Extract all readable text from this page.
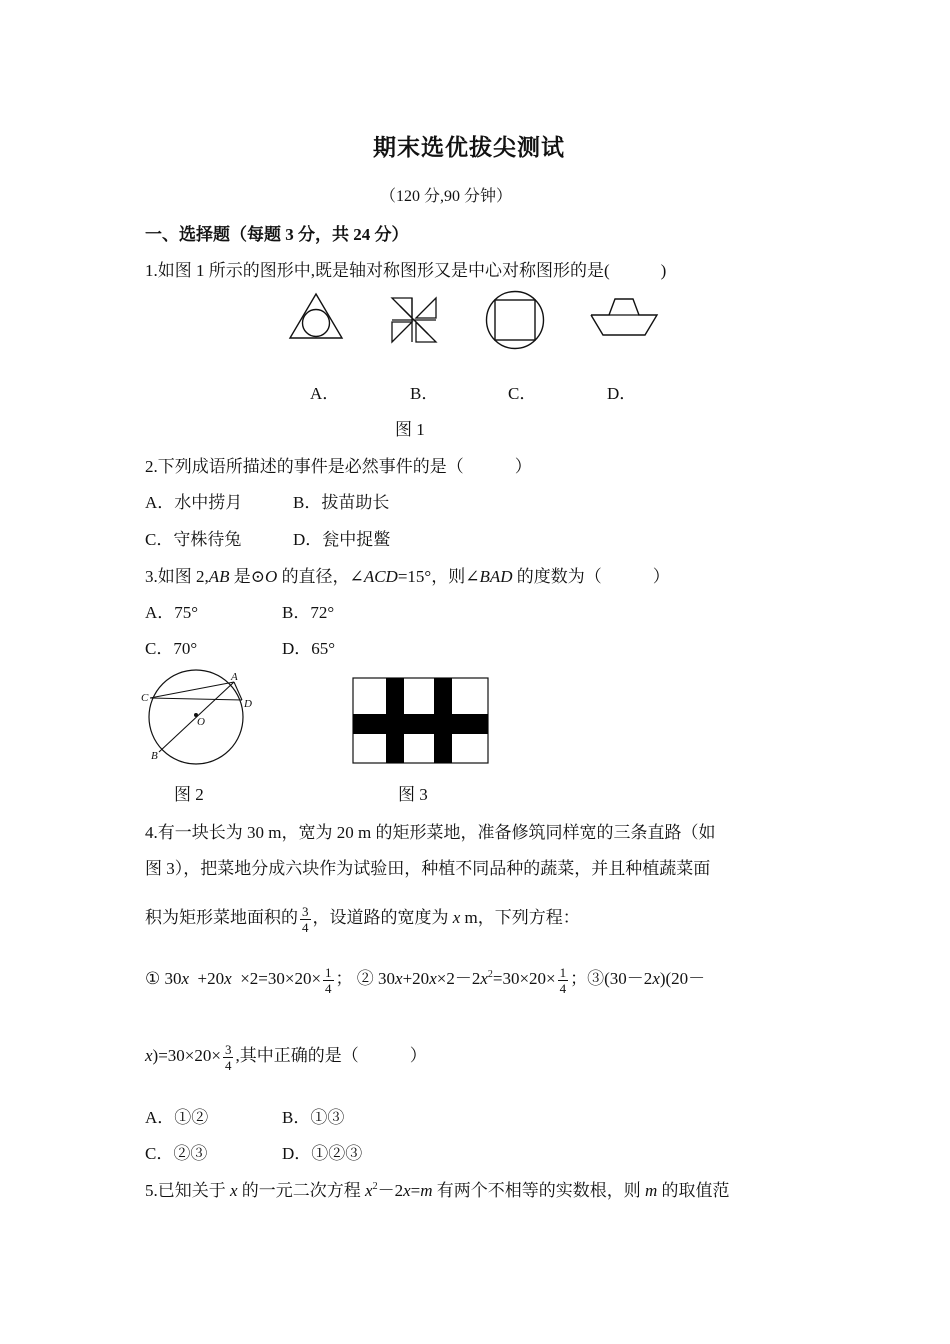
期末选优拔尖测试
（120 分,90 分钟）
一、选择题（每题 3 分，共 24 分）
1.如图 1 所示的图形中,既是轴对称图形又是中心对称图形的是(　　　)
A．	B．	C．	D．
图 1
2.下列成语所描述的事件是必然事件的是（　　　）
A．水中捞月	B．拔苗助长
C．守株待兔	D．瓮中捉鳖
3.如图 2,AB 是⊙O 的直径，∠ACD=15°，则∠BAD 的度数为（　　　）
A．75°	B．72°
C．70°	D．65°
A
C	D
O
B
图 2	图 3
4.有一块长为 30 m，宽为 20 m 的矩形菜地，准备修筑同样宽的三条直路（如
图 3），把菜地分成六块作为试验田，种植不同品种的蔬菜，并且种植蔬菜面
积为矩形菜地面积的 $\frac{3}{4}$ ，设道路的宽度为 x m，下列方程：
① $30x +20x \times 2=30\times 20\times \frac{1}{4}$ ； ② $30x+20x\times 2-2x^2=30\times 20\times \frac{1}{4}$ ；③(30－2x)(20－
$x)=30\times 20\times \frac{3}{4}$ ,其中正确的是（　　　）
A．①②	B．①③
C．②③	D．①②③
5.已知关于 x 的一元二次方程 $x^2-2x=m$ 有两个不相等的实数根，则 m 的取值范
